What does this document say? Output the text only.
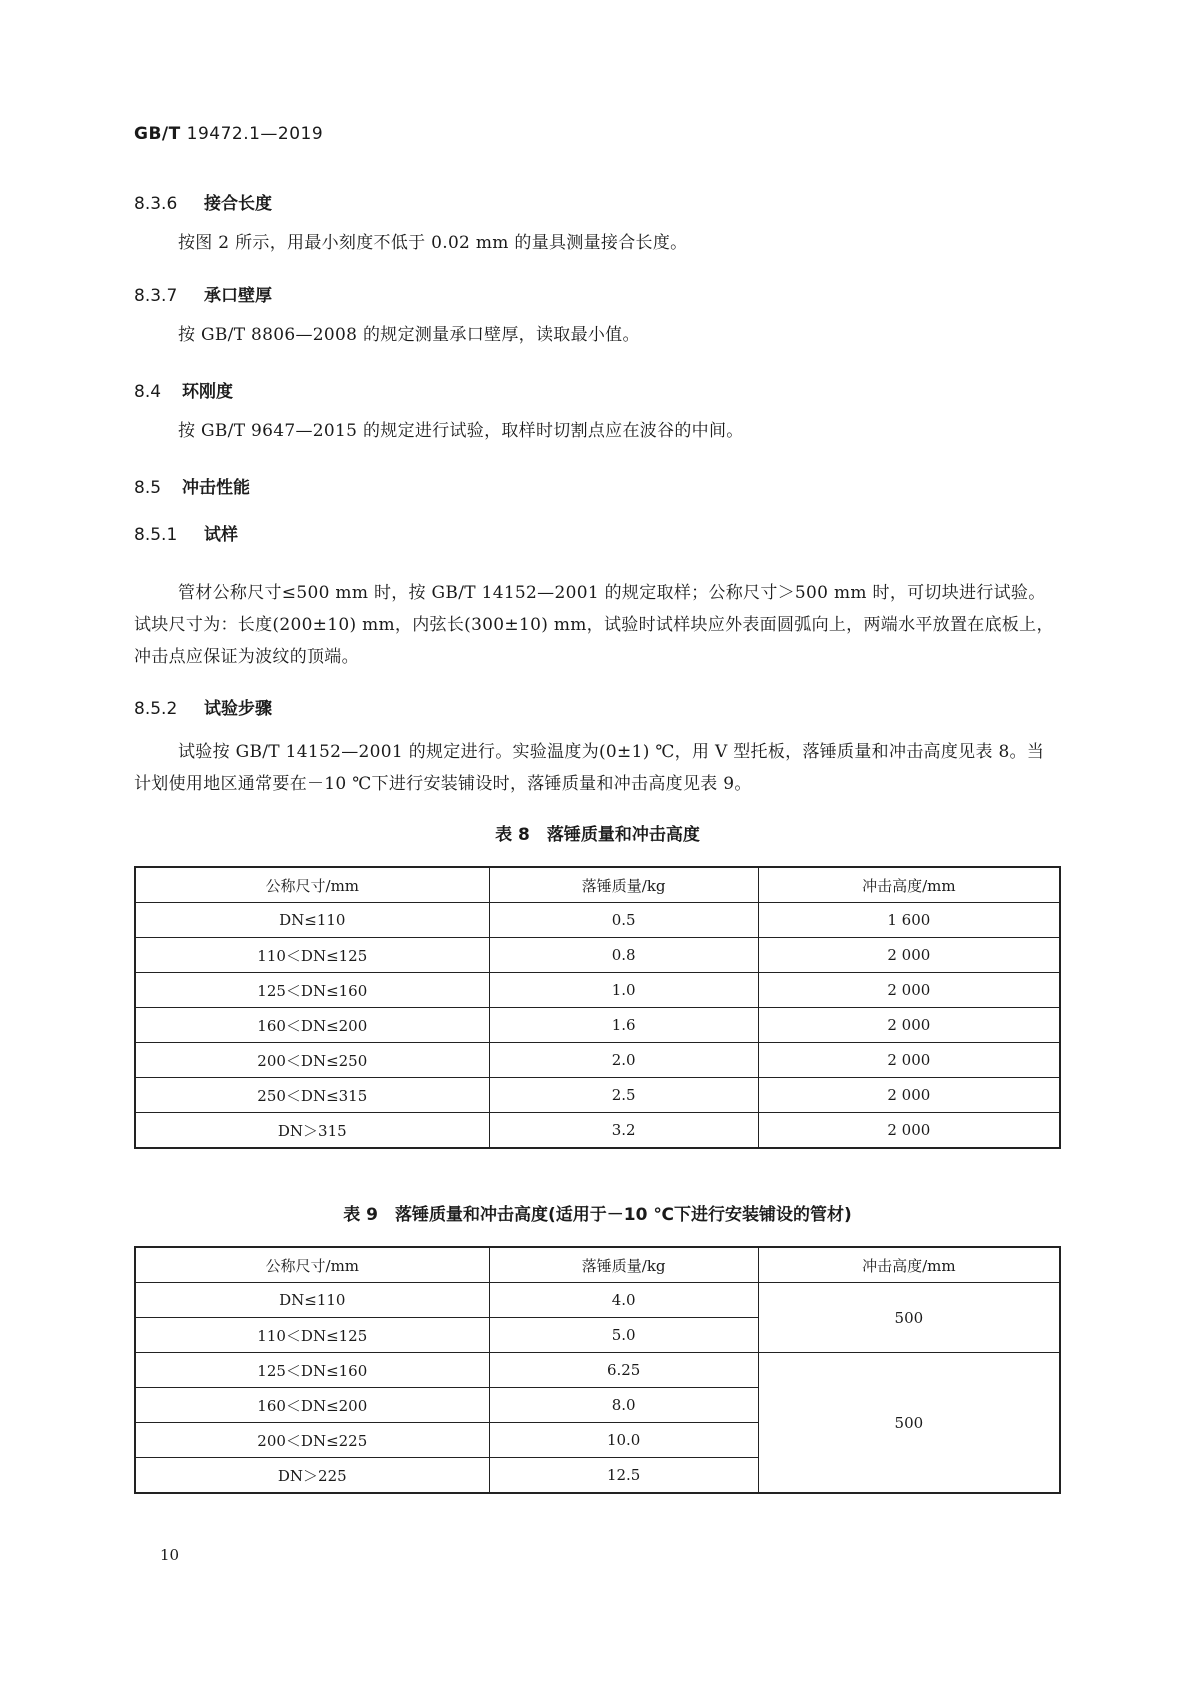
GB/T 19472.1—2019
8.3.6 接合长度
按图 2 所示，用最小刻度不低于 0.02 mm 的量具测量接合长度。
8.3.7 承口壁厚
按 GB/T 8806—2008 的规定测量承口壁厚，读取最小值。
8.4 环刚度
按 GB/T 9647—2015 的规定进行试验，取样时切割点应在波谷的中间。
8.5 冲击性能
8.5.1 试样
管材公称尺寸≤500 mm 时，按 GB/T 14152—2001 的规定取样；公称尺寸＞500 mm 时，可切块进行试验。试块尺寸为：长度(200±10) mm，内弦长(300±10) mm，试验时试样块应外表面圆弧向上，两端水平放置在底板上，冲击点应保证为波纹的顶端。
8.5.2 试验步骤
试验按 GB/T 14152—2001 的规定进行。实验温度为(0±1) ℃，用 V 型托板，落锤质量和冲击高度见表 8。当计划使用地区通常要在－10 ℃下进行安装铺设时，落锤质量和冲击高度见表 9。
表 8　落锤质量和冲击高度
公称尺寸/mm	落锤质量/kg	冲击高度/mm
DN≤110	0.5	1 600
110＜DN≤125	0.8	2 000
125＜DN≤160	1.0	2 000
160＜DN≤200	1.6	2 000
200＜DN≤250	2.0	2 000
250＜DN≤315	2.5	2 000
DN＞315	3.2	2 000
表 9　落锤质量和冲击高度(适用于－10 ℃下进行安装铺设的管材)
公称尺寸/mm	落锤质量/kg	冲击高度/mm
DN≤110	4.0	500
110＜DN≤125	5.0	
125＜DN≤160	6.25	500
160＜DN≤200	8.0	
200＜DN≤225	10.0	
DN＞225	12.5	
10
